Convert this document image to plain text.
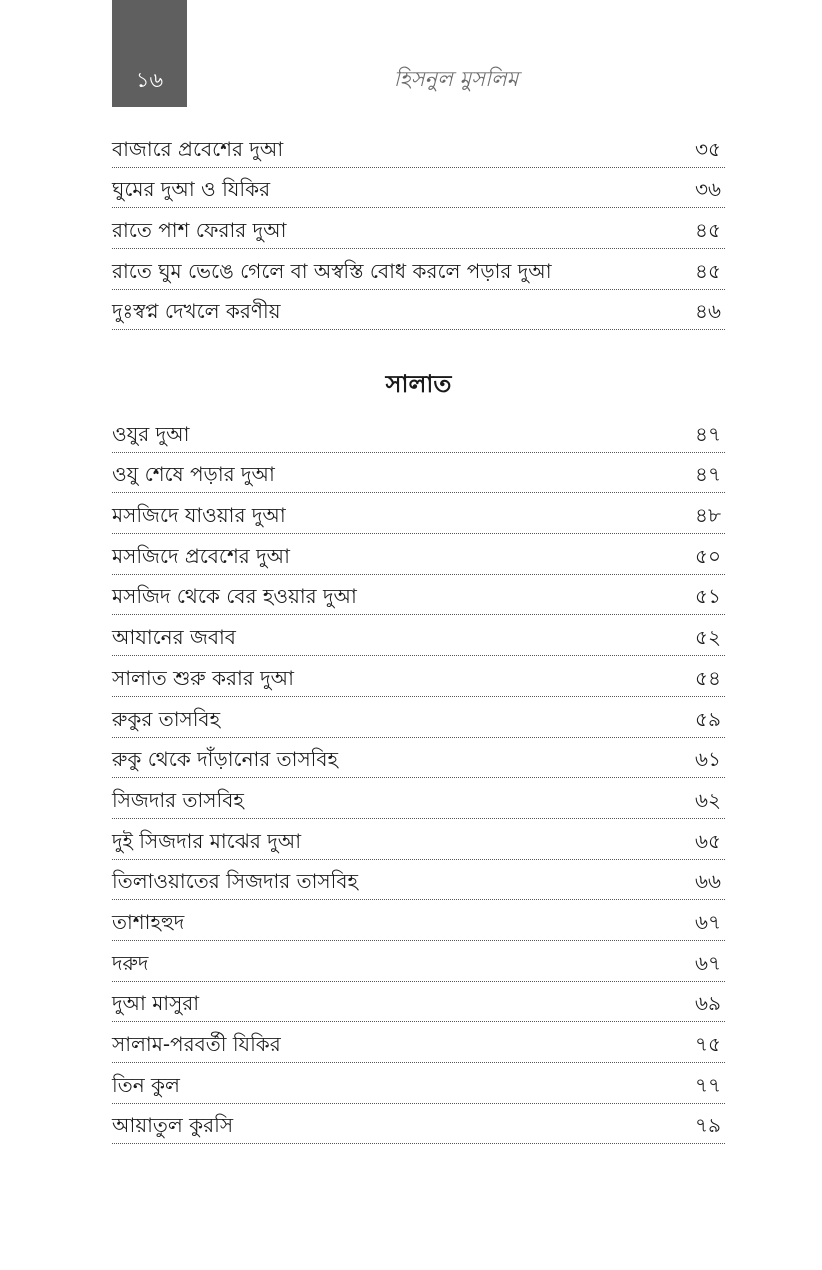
১৬	হিসনুল মুসলিম
বাজারে প্রবেশের দুআ	৩৫
ঘুমের দুআ ও যিকির	৩৬
রাতে পাশ ফেরার দুআ	৪৫
রাতে ঘুম ভেঙে গেলে বা অস্বস্তি বোধ করলে পড়ার দুআ	৪৫
দুঃস্বপ্ন দেখলে করণীয়	৪৬
সালাত
ওযুর দুআ	৪৭
ওযু শেষে পড়ার দুআ	৪৭
মসজিদে যাওয়ার দুআ	৪৮
মসজিদে প্রবেশের দুআ	৫০
মসজিদ থেকে বের হওয়ার দুআ	৫১
আযানের জবাব	৫২
সালাত শুরু করার দুআ	৫৪
রুকুর তাসবিহ	৫৯
রুকু থেকে দাঁড়ানোর তাসবিহ	৬১
সিজদার তাসবিহ	৬২
দুই সিজদার মাঝের দুআ	৬৫
তিলাওয়াতের সিজদার তাসবিহ	৬৬
তাশাহহুদ	৬৭
দরুদ	৬৭
দুআ মাসুরা	৬৯
সালাম-পরবর্তী যিকির	৭৫
তিন কুল	৭৭
আয়াতুল কুরসি	৭৯
